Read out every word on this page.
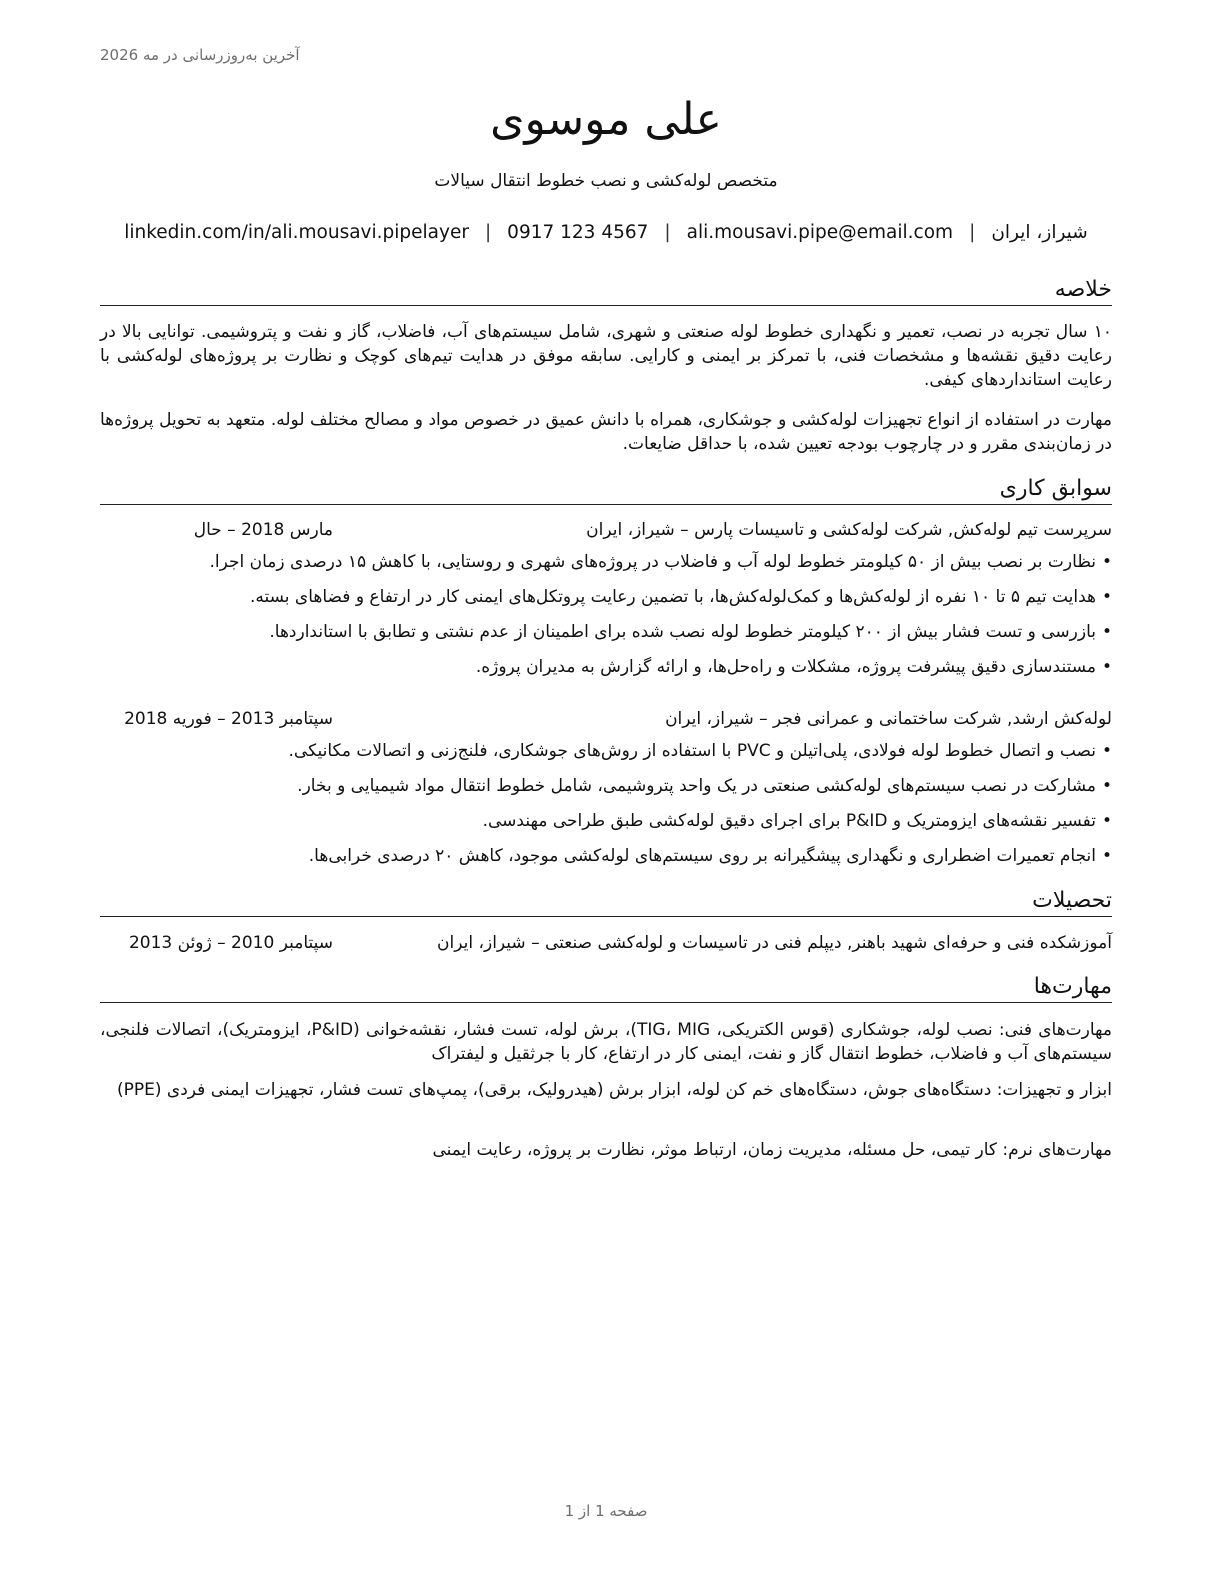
آخرین به‌روزرسانی در مه 2026
علی موسوی
متخصص لوله‌کشی و نصب خطوط انتقال سیالات
شیراز، ایران|ali.mousavi.pipe@email.com|0917 123 4567|linkedin.com/in/ali.mousavi.pipelayer
خلاصه
۱۰ سال تجربه در نصب، تعمیر و نگهداری خطوط لوله صنعتی و شهری، شامل سیستم‌های آب، فاضلاب، گاز و نفت و پتروشیمی. توانایی بالا در رعایت دقیق نقشه‌ها و مشخصات فنی، با تمرکز بر ایمنی و کارایی. سابقه موفق در هدایت تیم‌های کوچک و نظارت بر پروژه‌های لوله‌کشی با رعایت استانداردهای کیفی.
مهارت در استفاده از انواع تجهیزات لوله‌کشی و جوشکاری، همراه با دانش عمیق در خصوص مواد و مصالح مختلف لوله. متعهد به تحویل پروژه‌ها در زمان‌بندی مقرر و در چارچوب بودجه تعیین شده، با حداقل ضایعات.
سوابق کاری
سرپرست تیم لوله‌کش, شرکت لوله‌کشی و تاسیسات پارس – شیراز، ایران
مارس 2018 – حال
• نظارت بر نصب بیش از ۵۰ کیلومتر خطوط لوله آب و فاضلاب در پروژه‌های شهری و روستایی، با کاهش ۱۵ درصدی زمان اجرا.
• هدایت تیم ۵ تا ۱۰ نفره از لوله‌کش‌ها و کمک‌لوله‌کش‌ها، با تضمین رعایت پروتکل‌های ایمنی کار در ارتفاع و فضاهای بسته.
• بازرسی و تست فشار بیش از ۲۰۰ کیلومتر خطوط لوله نصب شده برای اطمینان از عدم نشتی و تطابق با استانداردها.
• مستندسازی دقیق پیشرفت پروژه، مشکلات و راه‌حل‌ها، و ارائه گزارش به مدیران پروژه.
لوله‌کش ارشد, شرکت ساختمانی و عمرانی فجر – شیراز، ایران
سپتامبر 2013 – فوریه 2018
• نصب و اتصال خطوط لوله فولادی، پلی‌اتیلن و PVC با استفاده از روش‌های جوشکاری، فلنج‌زنی و اتصالات مکانیکی.
• مشارکت در نصب سیستم‌های لوله‌کشی صنعتی در یک واحد پتروشیمی، شامل خطوط انتقال مواد شیمیایی و بخار.
• تفسیر نقشه‌های ایزومتریک و P&ID برای اجرای دقیق لوله‌کشی طبق طراحی مهندسی.
• انجام تعمیرات اضطراری و نگهداری پیشگیرانه بر روی سیستم‌های لوله‌کشی موجود، کاهش ۲۰ درصدی خرابی‌ها.
تحصیلات
آموزشکده فنی و حرفه‌ای شهید باهنر, دیپلم فنی در تاسیسات و لوله‌کشی صنعتی – شیراز، ایران
سپتامبر 2010 – ژوئن 2013
مهارت‌ها
مهارت‌های فنی: نصب لوله، جوشکاری (قوس الکتریکی، TIG، MIG)، برش لوله، تست فشار، نقشه‌خوانی (P&ID، ایزومتریک)، اتصالات فلنجی، سیستم‌های آب و فاضلاب، خطوط انتقال گاز و نفت، ایمنی کار در ارتفاع، کار با جرثقیل و لیفتراک
ابزار و تجهیزات: دستگاه‌های جوش، دستگاه‌های خم کن لوله، ابزار برش (هیدرولیک، برقی)، پمپ‌های تست فشار، تجهیزات ایمنی فردی (PPE)
مهارت‌های نرم: کار تیمی، حل مسئله، مدیریت زمان، ارتباط موثر، نظارت بر پروژه، رعایت ایمنی
صفحه 1 از 1
